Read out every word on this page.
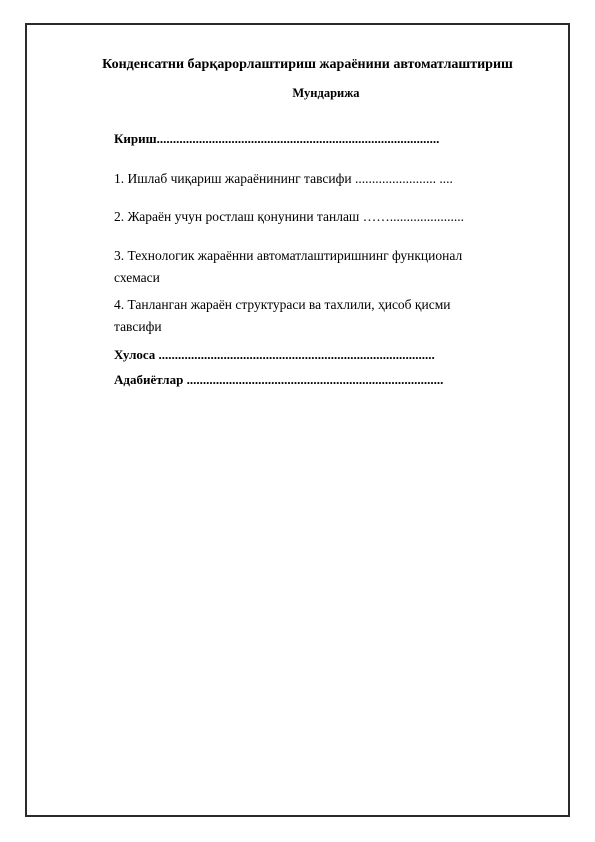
Конденсатни барқарорлаштириш жараёнини автоматлаштириш
Мундарижа
Кириш.......................................................................................
1. Ишлаб чиқариш жараёнининг тавсифи ........................ ....
2. Жараён учун ростлаш қонунини танлаш ……......................
3. Технологик жараённи автоматлаштиришнинг функционал
схемаси
4. Танланган жараён структураси ва тахлили, ҳисоб қисми
тавсифи
Хулоса .....................................................................................
Адабиётлар ...............................................................................
